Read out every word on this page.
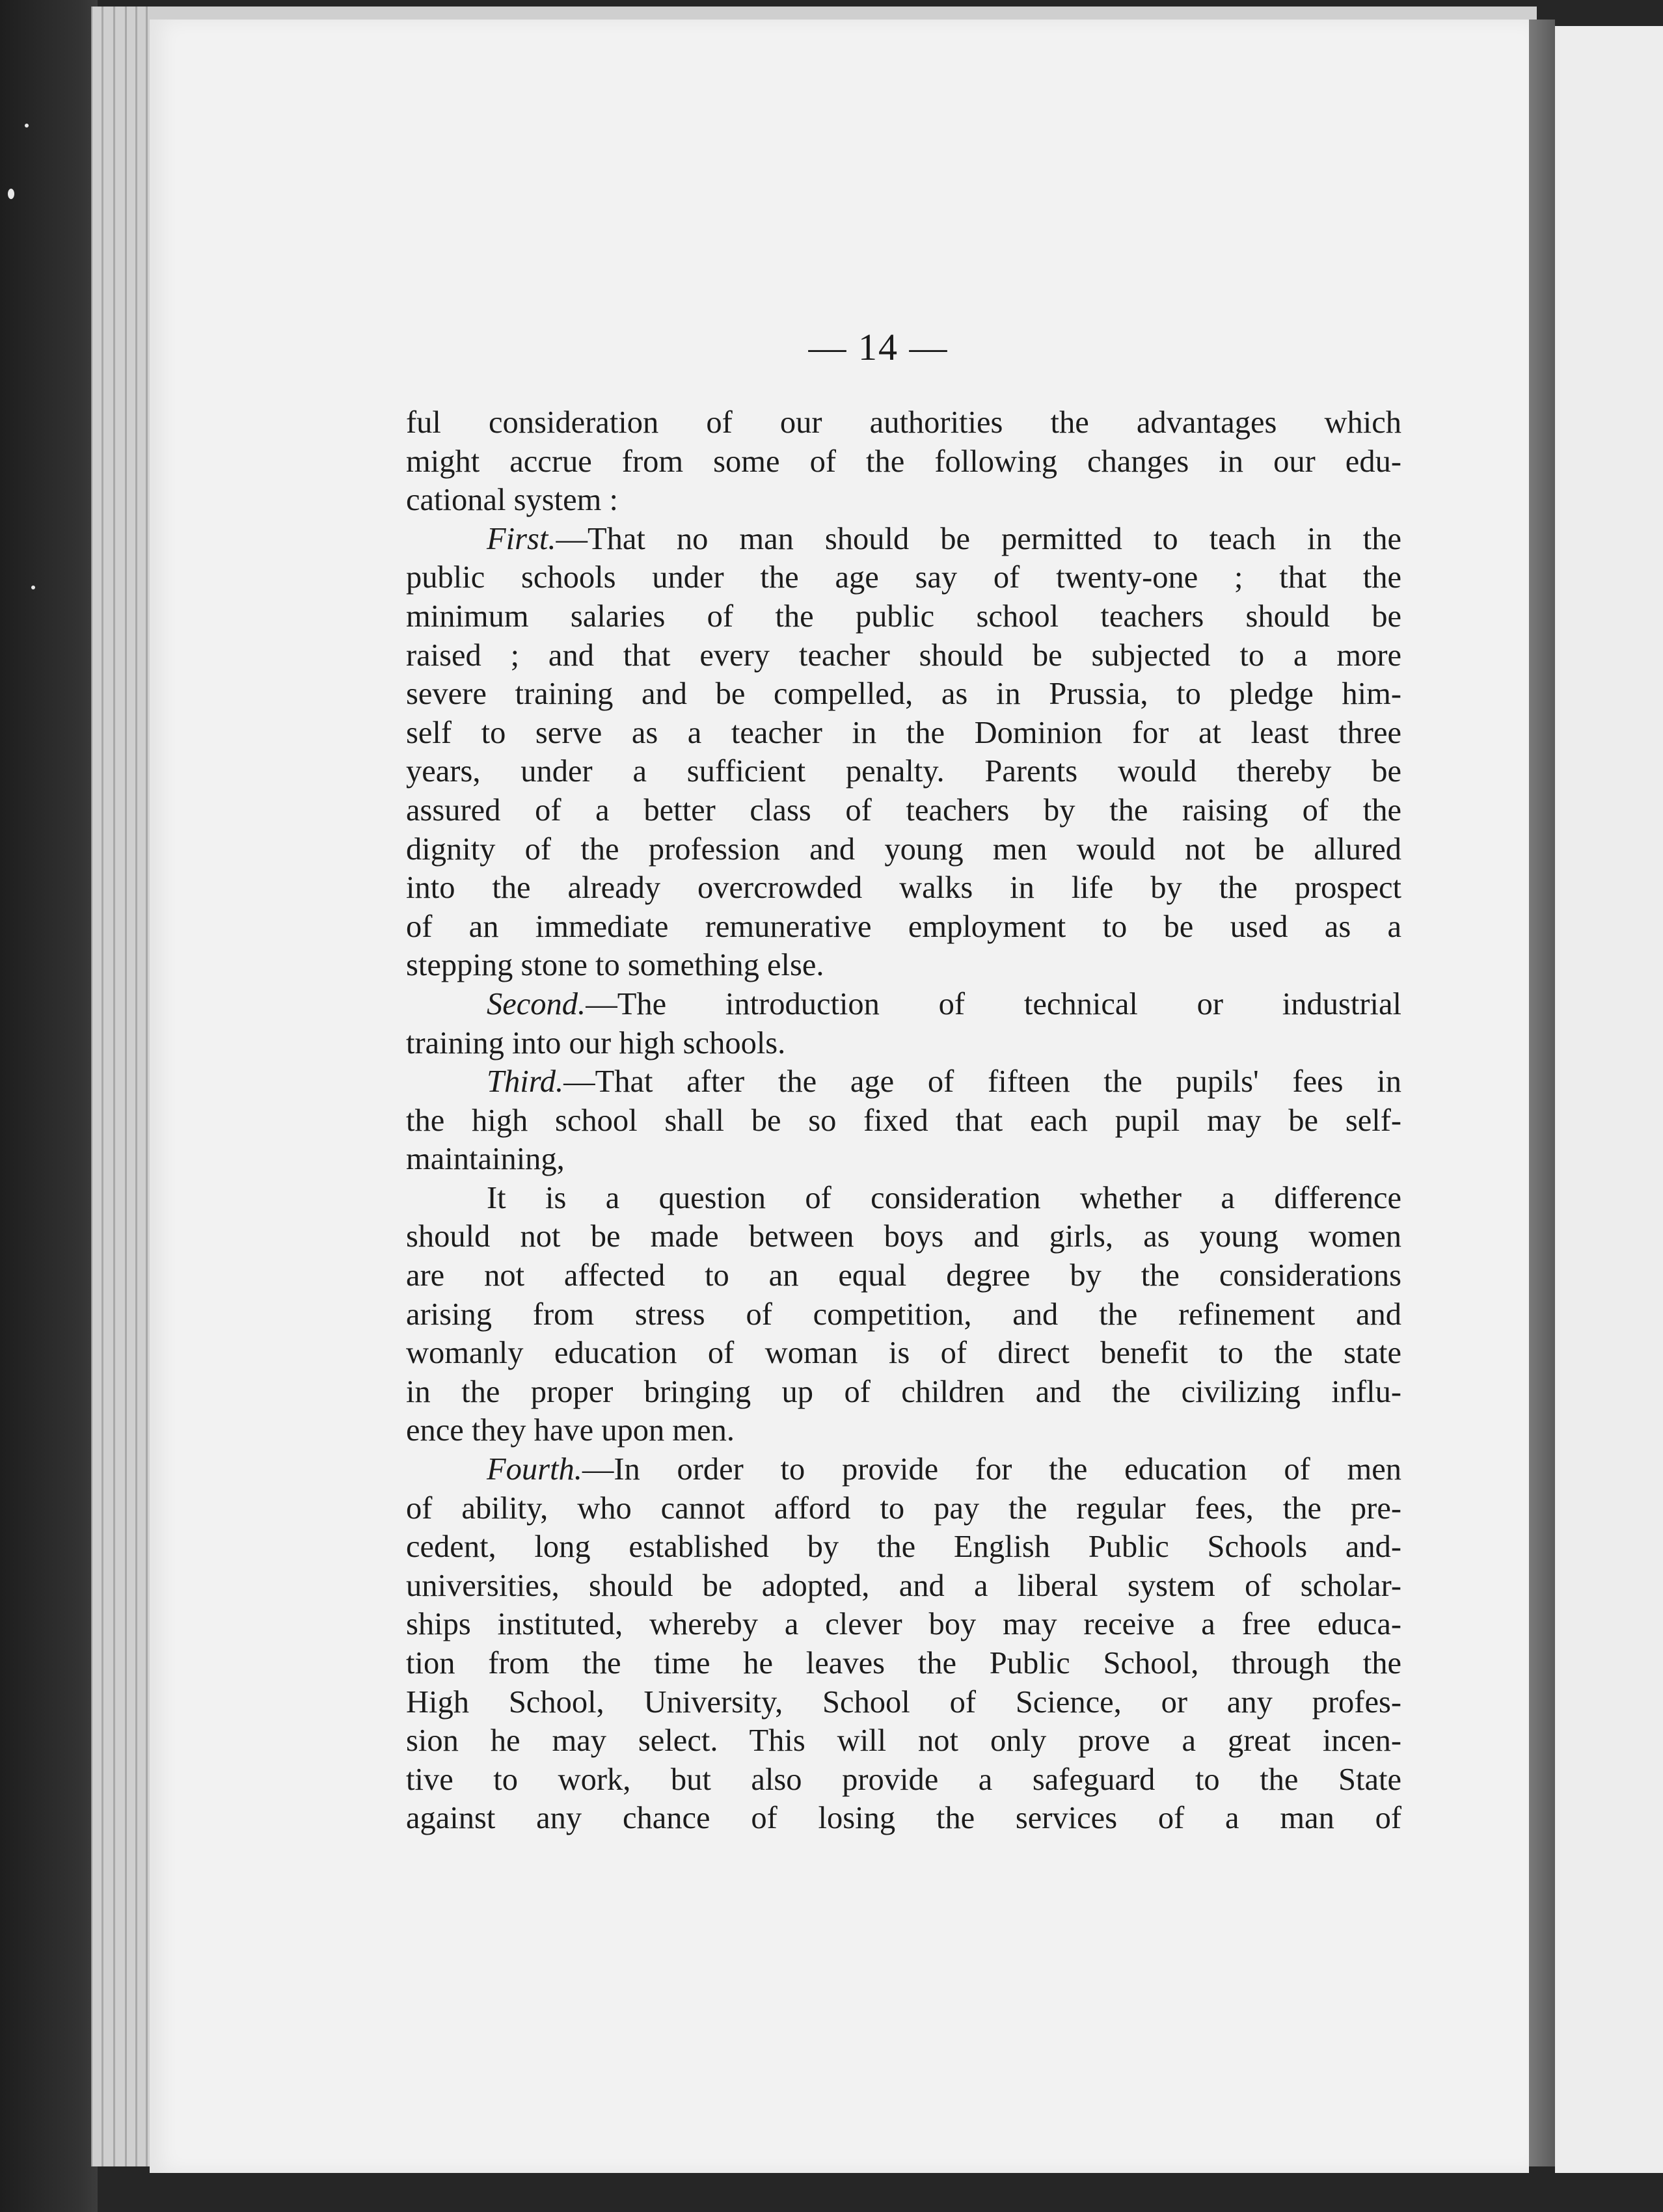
— 14 —
ful consideration of our authorities the advantages which
might accrue from some of the following changes in our edu-
cational system :
First.—That no man should be permitted to teach in the
public schools under the age say of twenty-one ; that the
minimum salaries of the public school teachers should be
raised ; and that every teacher should be subjected to a more
severe training and be compelled, as in Prussia, to pledge him-
self to serve as a teacher in the Dominion for at least three
years, under a sufficient penalty. Parents would thereby be
assured of a better class of teachers by the raising of the
dignity of the profession and young men would not be allured
into the already overcrowded walks in life by the prospect
of an immediate remunerative employment to be used as a
stepping stone to something else.
Second.—The introduction of technical or industrial
training into our high schools.
Third.—That after the age of fifteen the pupils' fees in
the high school shall be so fixed that each pupil may be self-
maintaining,
It is a question of consideration whether a difference
should not be made between boys and girls, as young women
are not affected to an equal degree by the considerations
arising from stress of competition, and the refinement and
womanly education of woman is of direct benefit to the state
in the proper bringing up of children and the civilizing influ-
ence they have upon men.
Fourth.—In order to provide for the education of men
of ability, who cannot afford to pay the regular fees, the pre-
cedent, long established by the English Public Schools and-
universities, should be adopted, and a liberal system of scholar-
ships instituted, whereby a clever boy may receive a free educa-
tion from the time he leaves the Public School, through the
High School, University, School of Science, or any profes-
sion he may select. This will not only prove a great incen-
tive to work, but also provide a safeguard to the State
against any chance of losing the services of a man of
